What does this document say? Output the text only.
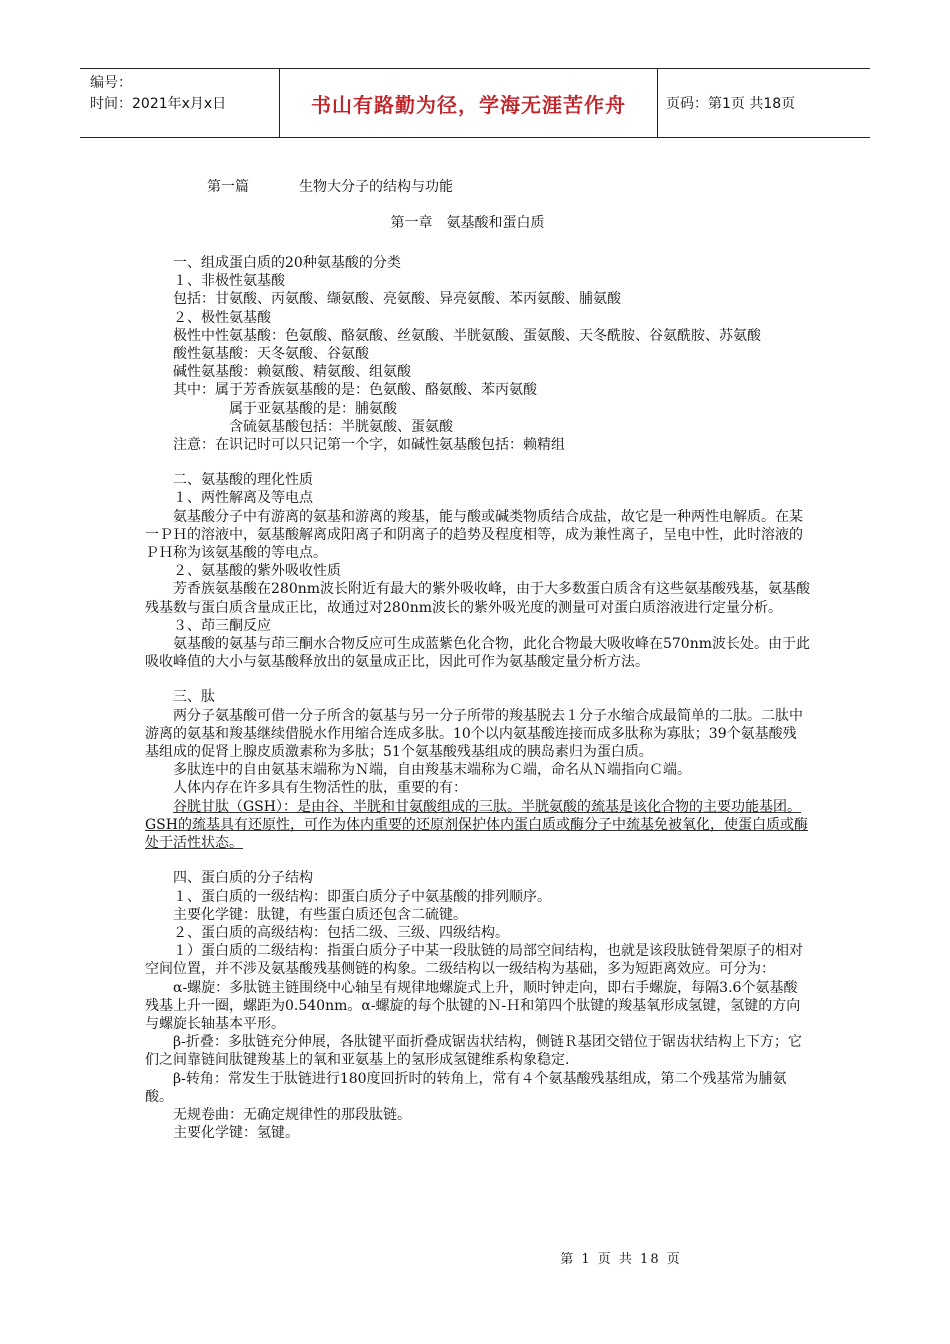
编号：
时间：2021年x月x日	书山有路勤为径，学海无涯苦作舟	页码：第1页 共18页
第一篇	生物大分子的结构与功能
第一章　氨基酸和蛋白质

一、组成蛋白质的20种氨基酸的分类

１、非极性氨基酸

包括：甘氨酸、丙氨酸、缬氨酸、亮氨酸、异亮氨酸、苯丙氨酸、脯氨酸

２、极性氨基酸

极性中性氨基酸：色氨酸、酪氨酸、丝氨酸、半胱氨酸、蛋氨酸、天冬酰胺、谷氨酰胺、苏氨酸

酸性氨基酸：天冬氨酸、谷氨酸

碱性氨基酸：赖氨酸、精氨酸、组氨酸

其中：属于芳香族氨基酸的是：色氨酸、酪氨酸、苯丙氨酸

属于亚氨基酸的是：脯氨酸

含硫氨基酸包括：半胱氨酸、蛋氨酸

注意：在识记时可以只记第一个字，如碱性氨基酸包括：赖精组

二、氨基酸的理化性质

１、两性解离及等电点

氨基酸分子中有游离的氨基和游离的羧基，能与酸或碱类物质结合成盐，故它是一种两性电解质。在某一ＰＨ的溶液中，氨基酸解离成阳离子和阴离子的趋势及程度相等，成为兼性离子，呈电中性，此时溶液的ＰＨ称为该氨基酸的等电点。

２、氨基酸的紫外吸收性质

芳香族氨基酸在280nm波长附近有最大的紫外吸收峰，由于大多数蛋白质含有这些氨基酸残基，氨基酸残基数与蛋白质含量成正比，故通过对280nm波长的紫外吸光度的测量可对蛋白质溶液进行定量分析。

３、茚三酮反应

氨基酸的氨基与茚三酮水合物反应可生成蓝紫色化合物，此化合物最大吸收峰在570nm波长处。由于此吸收峰值的大小与氨基酸释放出的氨量成正比，因此可作为氨基酸定量分析方法。

三、肽

两分子氨基酸可借一分子所含的氨基与另一分子所带的羧基脱去１分子水缩合成最简单的二肽。二肽中游离的氨基和羧基继续借脱水作用缩合连成多肽。10个以内氨基酸连接而成多肽称为寡肽；39个氨基酸残基组成的促肾上腺皮质激素称为多肽；51个氨基酸残基组成的胰岛素归为蛋白质。

多肽连中的自由氨基末端称为Ｎ端，自由羧基末端称为Ｃ端，命名从Ｎ端指向Ｃ端。

人体内存在许多具有生物活性的肽，重要的有：

谷胱甘肽（GSH）：是由谷、半胱和甘氨酸组成的三肽。半胱氨酸的巯基是该化合物的主要功能基团。GSH的巯基具有还原性，可作为体内重要的还原剂保护体内蛋白质或酶分子中巯基免被氧化，使蛋白质或酶处于活性状态。

四、蛋白质的分子结构

１、蛋白质的一级结构：即蛋白质分子中氨基酸的排列顺序。

主要化学键：肽键，有些蛋白质还包含二硫键。

２、蛋白质的高级结构：包括二级、三级、四级结构。

１）蛋白质的二级结构：指蛋白质分子中某一段肽链的局部空间结构，也就是该段肽链骨架原子的相对空间位置，并不涉及氨基酸残基侧链的构象。二级结构以一级结构为基础，多为短距离效应。可分为：

α-螺旋：多肽链主链围绕中心轴呈有规律地螺旋式上升，顺时钟走向，即右手螺旋，每隔3.6个氨基酸残基上升一圈，螺距为0.540nm。α-螺旋的每个肽键的Ｎ-Ｈ和第四个肽键的羧基氧形成氢键，氢键的方向与螺旋长轴基本平形。

β-折叠：多肽链充分伸展，各肽键平面折叠成锯齿状结构，侧链Ｒ基团交错位于锯齿状结构上下方；它们之间靠链间肽键羧基上的氧和亚氨基上的氢形成氢键维系构象稳定.

β-转角：常发生于肽链进行180度回折时的转角上，常有４个氨基酸残基组成，第二个残基常为脯氨酸。

无规卷曲：无确定规律性的那段肽链。

主要化学键：氢键。

第 1 页 共 18 页
